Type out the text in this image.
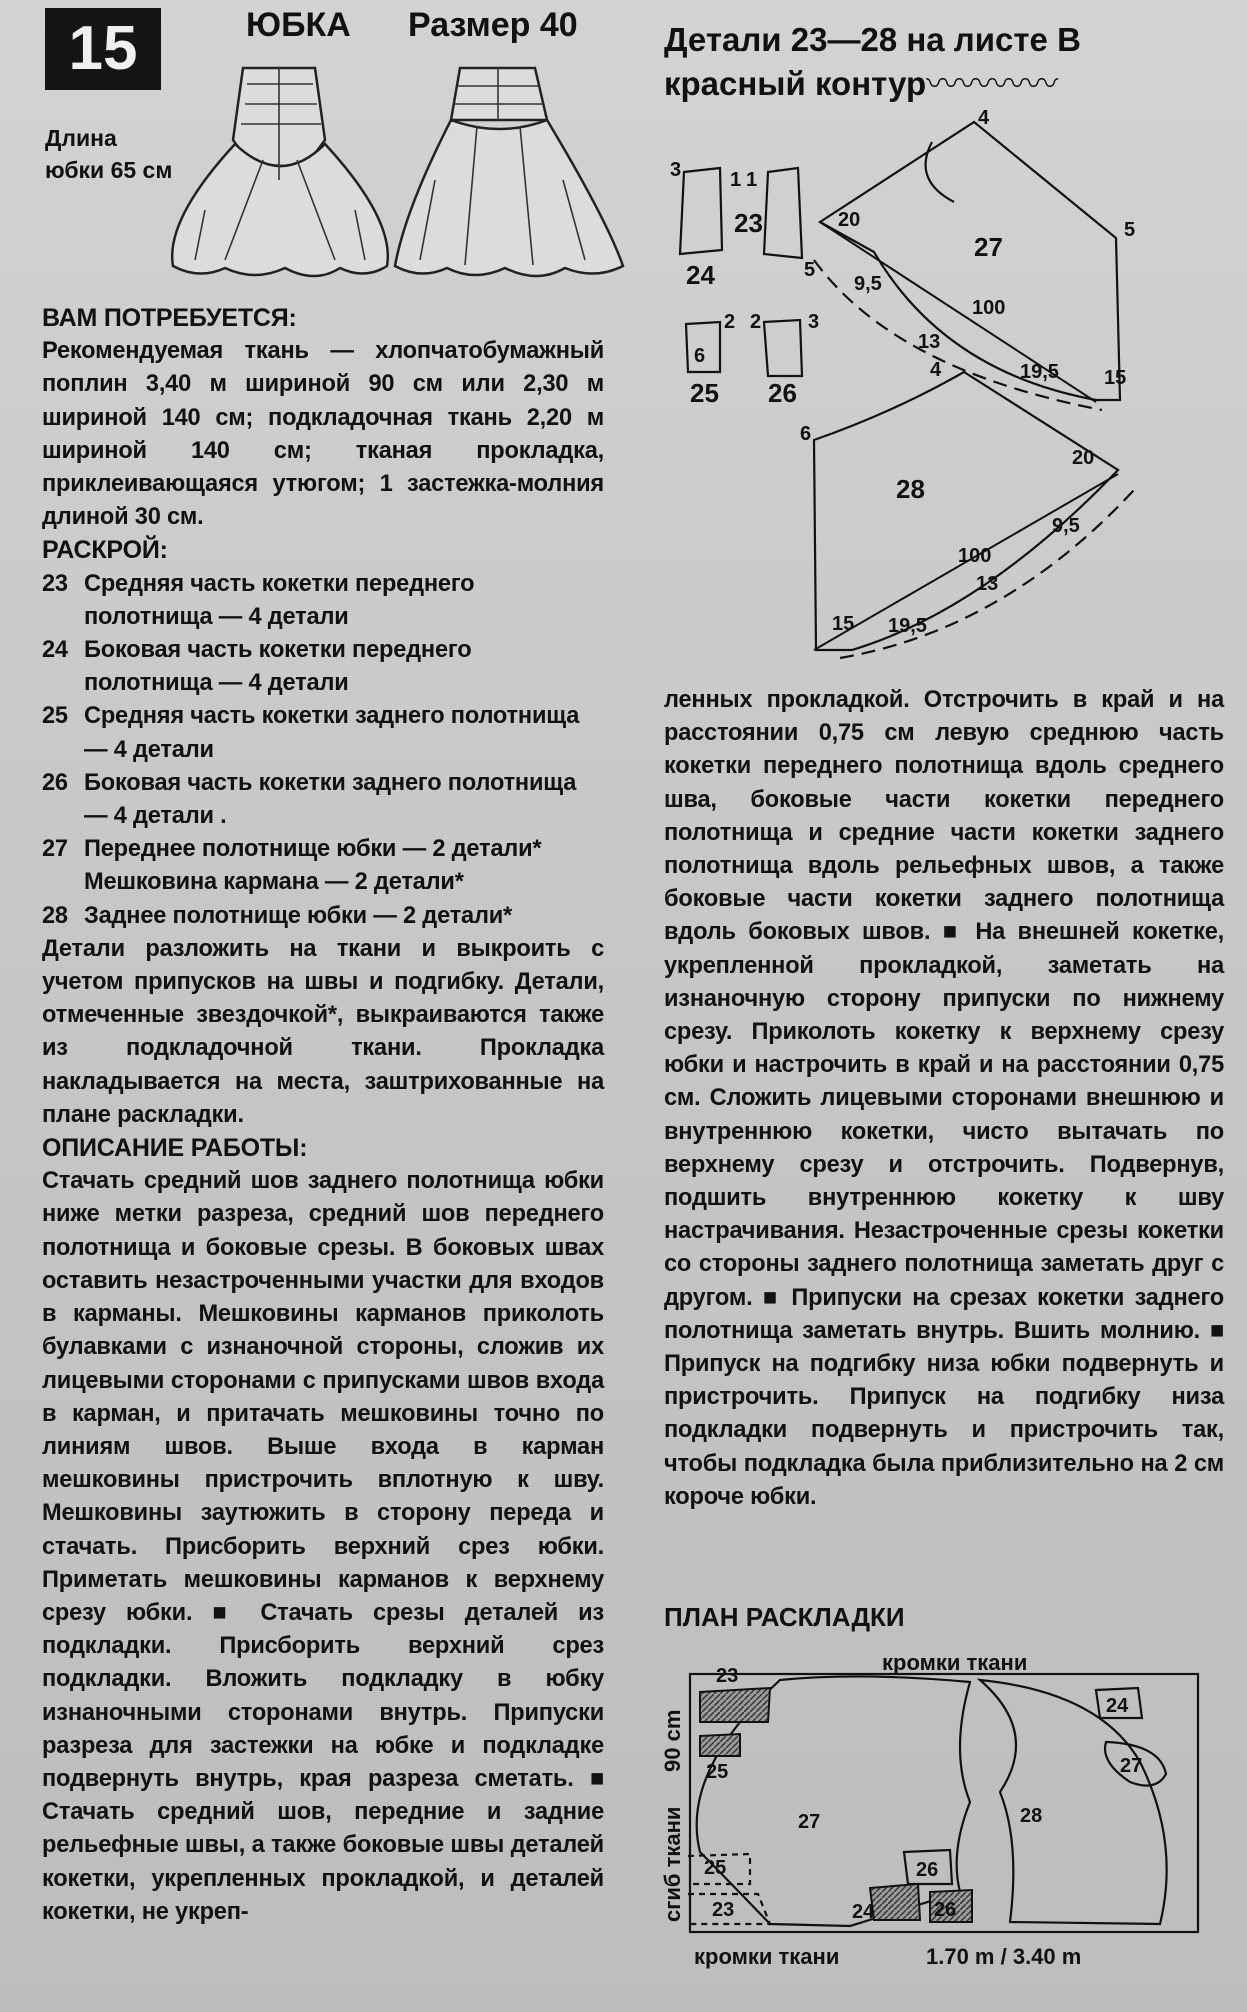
15	ЮБКА Размер 40
Длина
юбки 65 см

ВАМ ПОТРЕБУЕТСЯ:

Рекомендуемая ткань — хлопчатобумажный поплин 3,40 м шириной 90 см или 2,30 м шириной 140 см; подкладочная ткань 2,20 м шириной 140 см; тканая прокладка, приклеивающаяся утюгом; 1 застежка-молния длиной 30 см.

РАСКРОЙ:

23 Средняя часть кокетки переднего полотнища — 4 детали
24 Боковая часть кокетки переднего полотнища — 4 детали
25 Средняя часть кокетки заднего полотнища — 4 детали
26 Боковая часть кокетки заднего полотнища — 4 детали .
27 Переднее полотнище юбки — 2 детали*
Мешковина кармана — 2 детали*
28 Заднее полотнище юбки — 2 детали*

Детали разложить на ткани и выкроить с учетом припусков на швы и подгибку. Детали, отмеченные звездочкой*, выкраиваются также из подкладочной ткани. Прокладка накладывается на места, заштрихованные на плане раскладки.

ОПИСАНИЕ РАБОТЫ:

Стачать средний шов заднего полотнища юбки ниже метки разреза, средний шов переднего полотнища и боковые срезы. В боковых швах оставить незастроченными участки для входов в карманы. Мешковины карманов приколоть булавками с изнаночной стороны, сложив их лицевыми сторонами с припусками швов входа в карман, и притачать мешковины точно по линиям швов. Выше входа в карман мешковины пристрочить вплотную к шву. Мешковины заутюжить в сторону переда и стачать. Присборить верхний срез юбки. Приметать мешковины карманов к верхнему срезу юбки. ■ Стачать срезы деталей из подкладки. Присборить верхний срез подкладки. Вложить подкладку в юбку изнаночными сторонами внутрь. Припуски разреза для застежки на юбке и подкладке подвернуть внутрь, края разреза сметать. ■ Стачать средний шов, передние и задние рельефные швы, а также боковые швы деталей кокетки, укрепленных прокладкой, и деталей кокетки, не укреп-

Детали 23—28 на листе В
красный контур〰〰〰〰
3 1 1
5
2
6
2 3
4
5
20
9,5
100
13
19,5 15
4
6
20
100
9,5
13
19,5
15
23
24
25 26
27
28

ленных прокладкой. Отстрочить в край и на расстоянии 0,75 см левую среднюю часть кокетки переднего полотнища вдоль среднего шва, боковые части кокетки переднего полотнища и средние части кокетки заднего полотнища вдоль рельефных швов, а также боковые части кокетки заднего полотнища вдоль боковых швов. ■ На внешней кокетке, укрепленной прокладкой, заметать на изнаночную сторону припуски по нижнему срезу. Приколоть кокетку к верхнему срезу юбки и настрочить в край и на расстоянии 0,75 см. Сложить лицевыми сторонами внешнюю и внутреннюю кокетки, чисто вытачать по верхнему срезу и отстрочить. Подвернув, подшить внутреннюю кокетку к шву настрачивания. Незастроченные срезы кокетки со стороны заднего полотнища заметать друг с другом. ■ Припуски на срезах кокетки заднего полотнища заметать внутрь. Вшить молнию. ■ Припуск на подгибку низа юбки подвернуть и пристрочить. Припуск на подгибку низа подкладки подвернуть и пристрочить так, чтобы подкладка была приблизительно на 2 см короче юбки.

ПЛАН РАСКЛАДКИ
кромки ткани
кромки ткани	1.70 m / 3.40 m
сгиб ткани
90 cm
23
25
27	28
24
27
26
24	26
25
23
